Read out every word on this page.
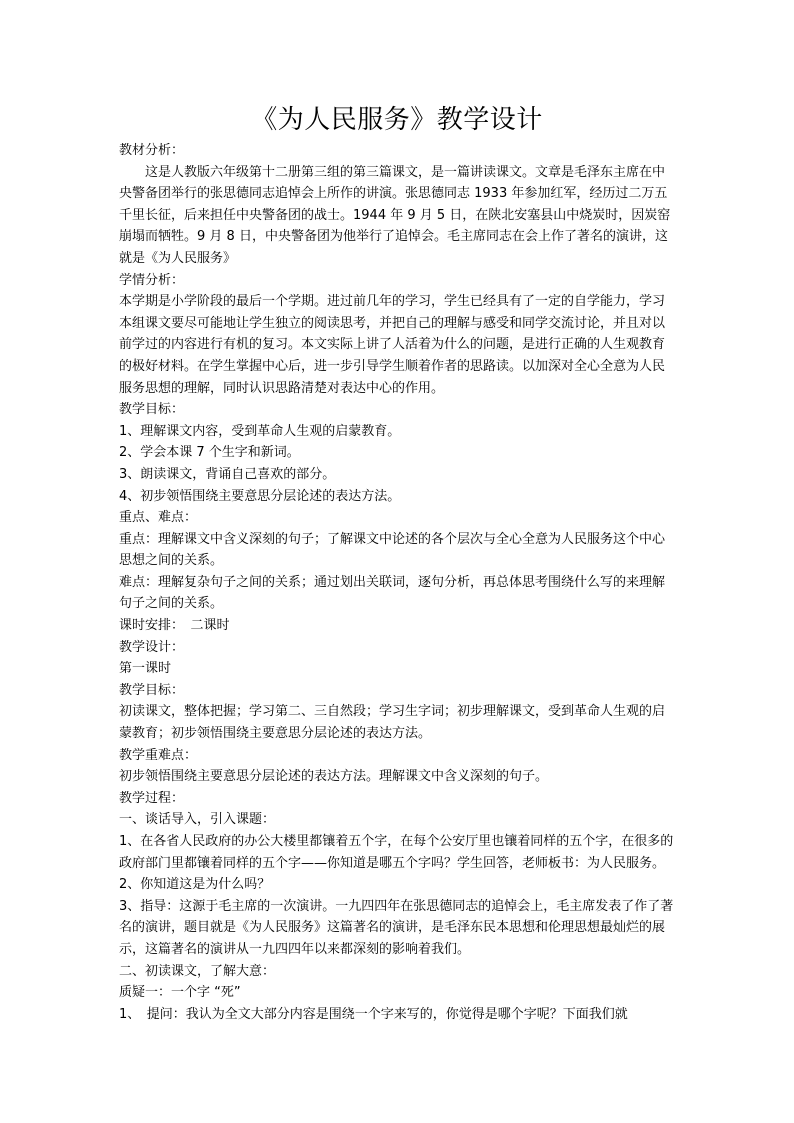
《为人民服务》教学设计

教材分析：

这是人教版六年级第十二册第三组的第三篇课文，是一篇讲读课文。文章是毛泽东主席在中央警备团举行的张思德同志追悼会上所作的讲演。张思德同志 1933 年参加红军，经历过二万五千里长征，后来担任中央警备团的战士。1944 年 9 月 5 日，在陕北安塞县山中烧炭时，因炭窑崩塌而牺牲。9 月 8 日，中央警备团为他举行了追悼会。毛主席同志在会上作了著名的演讲，这就是《为人民服务》

学情分析：

本学期是小学阶段的最后一个学期。进过前几年的学习，学生已经具有了一定的自学能力，学习本组课文要尽可能地让学生独立的阅读思考，并把自己的理解与感受和同学交流讨论，并且对以前学过的内容进行有机的复习。本文实际上讲了人活着为什么的问题，是进行正确的人生观教育的极好材料。在学生掌握中心后，进一步引导学生顺着作者的思路读。以加深对全心全意为人民服务思想的理解，同时认识思路清楚对表达中心的作用。

教学目标：

1、理解课文内容，受到革命人生观的启蒙教育。

2、学会本课 7 个生字和新词。

3、朗读课文，背诵自己喜欢的部分。

4、初步领悟围绕主要意思分层论述的表达方法。

重点、难点：

重点：理解课文中含义深刻的句子；了解课文中论述的各个层次与全心全意为人民服务这个中心思想之间的关系。

难点：理解复杂句子之间的关系；通过划出关联词，逐句分析，再总体思考围绕什么写的来理解句子之间的关系。

课时安排：　二课时

教学设计：

第一课时

教学目标：

初读课文，整体把握；学习第二、三自然段；学习生字词；初步理解课文，受到革命人生观的启蒙教育；初步领悟围绕主要意思分层论述的表达方法。

教学重难点：

初步领悟围绕主要意思分层论述的表达方法。理解课文中含义深刻的句子。

教学过程：

一、谈话导入，引入课题：

1、在各省人民政府的办公大楼里都镶着五个字，在每个公安厅里也镶着同样的五个字，在很多的政府部门里都镶着同样的五个字——你知道是哪五个字吗？学生回答，老师板书：为人民服务。

2、你知道这是为什么吗？

3、指导：这源于毛主席的一次演讲。一九四四年在张思德同志的追悼会上，毛主席发表了作了著名的演讲，题目就是《为人民服务》这篇著名的演讲，是毛泽东民本思想和伦理思想最灿烂的展示，这篇著名的演讲从一九四四年以来都深刻的影响着我们。

二、初读课文，了解大意：

质疑一：一个字 “死”

1、　提问：我认为全文大部分内容是围绕一个字来写的，你觉得是哪个字呢？下面我们就
